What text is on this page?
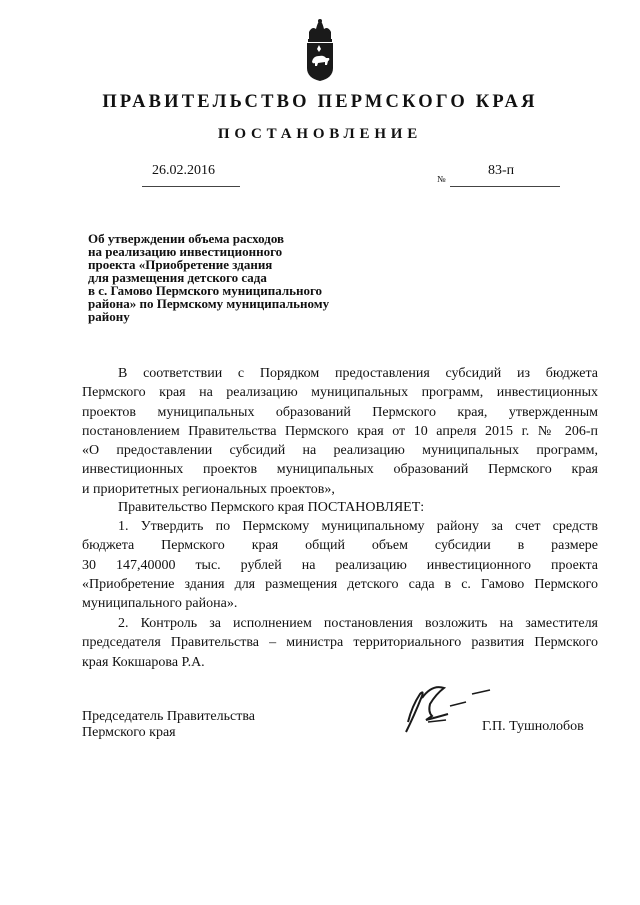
ПРАВИТЕЛЬСТВО ПЕРМСКОГО КРАЯ
ПОСТАНОВЛЕНИЕ
26.02.2016
№
83-п
Об утверждении объема расходов
на реализацию инвестиционного
проекта «Приобретение здания
для размещения детского сада
в с. Гамово Пермского муниципального
района» по Пермскому муниципальному
району
В соответствии с Порядком предоставления субсидий из бюджета
Пермского края на реализацию муниципальных программ, инвестиционных
проектов муниципальных образований Пермского края, утвержденным
постановлением Правительства Пермского края от 10 апреля 2015 г. № 206-п
«О предоставлении субсидий на реализацию муниципальных программ,
инвестиционных проектов муниципальных образований Пермского края
и приоритетных региональных проектов»,
Правительство Пермского края ПОСТАНОВЛЯЕТ:
1. Утвердить по Пермскому муниципальному району за счет средств
бюджета Пермского края общий объем субсидии в размере
30 147,40000 тыс. рублей на реализацию инвестиционного проекта
«Приобретение здания для размещения детского сада в с. Гамово Пермского
муниципального района».
2. Контроль за исполнением постановления возложить на заместителя
председателя Правительства – министра территориального развития Пермского
края Кокшарова Р.А.
Председатель Правительства
Пермского края	Г.П. Тушнолобов
